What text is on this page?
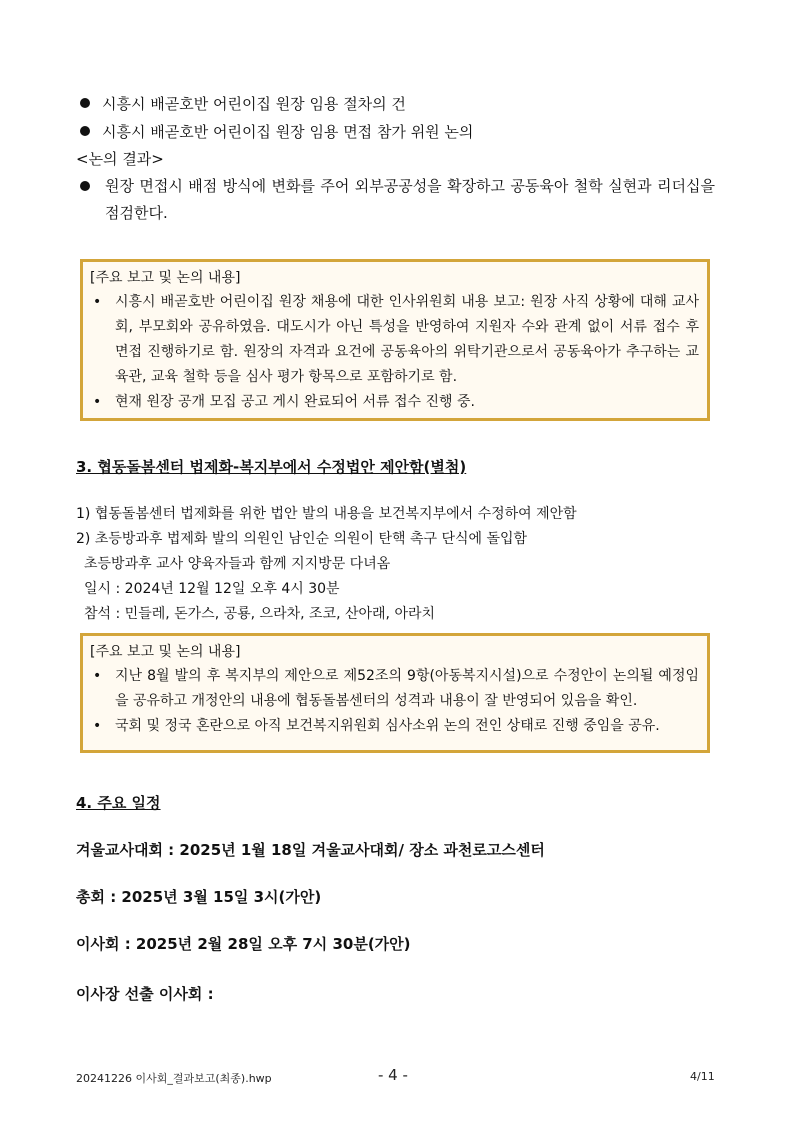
시흥시 배곧호반 어린이집 원장 임용 절차의 건
시흥시 배곧호반 어린이집 원장 임용 면접 참가 위원 논의
<논의 결과>
원장 면접시 배점 방식에 변화를 주어 외부공공성을 확장하고 공동육아 철학 실현과 리더십을 점검한다.
[주요 보고 및 논의 내용]
• 시흥시 배곧호반 어린이집 원장 채용에 대한 인사위원회 내용 보고: 원장 사직 상황에 대해 교사회, 부모회와 공유하였음. 대도시가 아닌 특성을 반영하여 지원자 수와 관계 없이 서류 접수 후 면접 진행하기로 함. 원장의 자격과 요건에 공동육아의 위탁기관으로서 공동육아가 추구하는 교육관, 교육 철학 등을 심사 평가 항목으로 포함하기로 함.
• 현재 원장 공개 모집 공고 게시 완료되어 서류 접수 진행 중.
3. 협동돌봄센터 법제화-복지부에서 수정법안 제안함(별첨)
1) 협동돌봄센터 법제화를 위한 법안 발의 내용을 보건복지부에서 수정하여 제안함
2) 초등방과후 법제화 발의 의원인 남인순 의원이 탄핵 촉구 단식에 돌입함
초등방과후 교사 양육자들과 함께 지지방문 다녀옴
일시 : 2024년 12월 12일 오후 4시 30분
참석 : 민들레, 돈가스, 공룡, 으라차, 조코, 산아래, 아라치
[주요 보고 및 논의 내용]
• 지난 8월 발의 후 복지부의 제안으로 제52조의 9항(아동복지시설)으로 수정안이 논의될 예정임을 공유하고 개정안의 내용에 협동돌봄센터의 성격과 내용이 잘 반영되어 있음을 확인.
• 국회 및 정국 혼란으로 아직 보건복지위원회 심사소위 논의 전인 상태로 진행 중임을 공유.
4. 주요 일정
겨울교사대회 : 2025년 1월 18일 겨울교사대회/ 장소 과천로고스센터
총회 : 2025년 3월 15일 3시(가안)
이사회 : 2025년 2월 28일 오후 7시 30분(가안)
이사장 선출 이사회 :
20241226 이사회_결과보고(최종).hwp	- 4 -	4/11
